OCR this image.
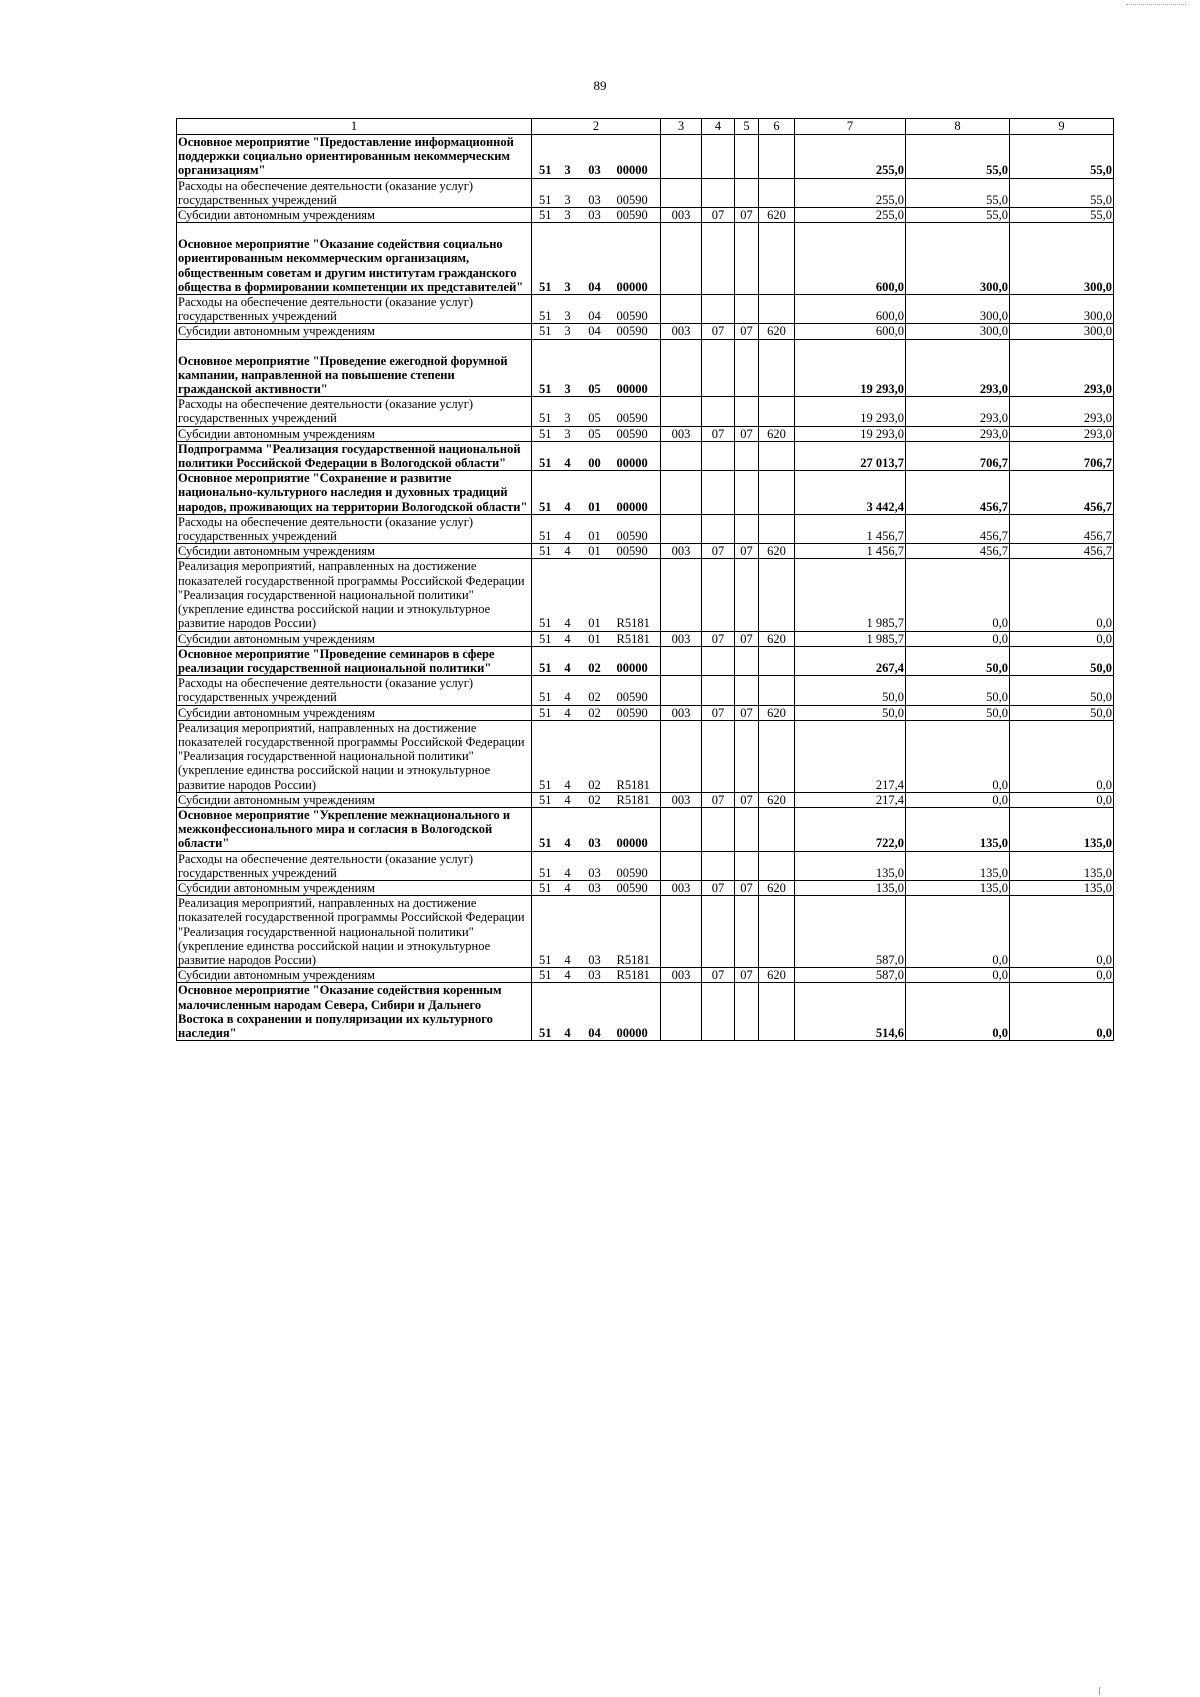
89
1	2				3	4	5	6	7	8	9
Основное мероприятие "Предоставление информационной поддержки социально ориентированным некоммерческим организациям"	51	3	03	00000					255,0	55,0	55,0
Расходы на обеспечение деятельности (оказание услуг) государственных учреждений	51	3	03	00590					255,0	55,0	55,0
Субсидии автономным учреждениям	51	3	03	00590	003	07	07	620	255,0	55,0	55,0
Основное мероприятие "Оказание содействия социально ориентированным некоммерческим организациям, общественным советам и другим институтам гражданского общества в формировании компетенции их представителей"	51	3	04	00000					600,0	300,0	300,0
Расходы на обеспечение деятельности (оказание услуг) государственных учреждений	51	3	04	00590					600,0	300,0	300,0
Субсидии автономным учреждениям	51	3	04	00590	003	07	07	620	600,0	300,0	300,0
Основное мероприятие "Проведение ежегодной форумной кампании, направленной на повышение степени гражданской активности"	51	3	05	00000					19 293,0	293,0	293,0
Расходы на обеспечение деятельности (оказание услуг) государственных учреждений	51	3	05	00590					19 293,0	293,0	293,0
Субсидии автономным учреждениям	51	3	05	00590	003	07	07	620	19 293,0	293,0	293,0
Подпрограмма "Реализация государственной национальной политики Российской Федерации в Вологодской области"	51	4	00	00000					27 013,7	706,7	706,7
Основное мероприятие "Сохранение и развитие национально-культурного наследия и духовных традиций народов, проживающих на территории Вологодской области"	51	4	01	00000					3 442,4	456,7	456,7
Расходы на обеспечение деятельности (оказание услуг) государственных учреждений	51	4	01	00590					1 456,7	456,7	456,7
Субсидии автономным учреждениям	51	4	01	00590	003	07	07	620	1 456,7	456,7	456,7
Реализация мероприятий, направленных на достижение показателей государственной программы Российской Федерации "Реализация государственной национальной политики" (укрепление единства российской нации и этнокультурное развитие народов России)	51	4	01	R5181					1 985,7	0,0	0,0
Субсидии автономным учреждениям	51	4	01	R5181	003	07	07	620	1 985,7	0,0	0,0
Основное мероприятие "Проведение семинаров в сфере реализации государственной национальной политики"	51	4	02	00000					267,4	50,0	50,0
Расходы на обеспечение деятельности (оказание услуг) государственных учреждений	51	4	02	00590					50,0	50,0	50,0
Субсидии автономным учреждениям	51	4	02	00590	003	07	07	620	50,0	50,0	50,0
Реализация мероприятий, направленных на достижение показателей государственной программы Российской Федерации "Реализация государственной национальной политики" (укрепление единства российской нации и этнокультурное развитие народов России)	51	4	02	R5181					217,4	0,0	0,0
Субсидии автономным учреждениям	51	4	02	R5181	003	07	07	620	217,4	0,0	0,0
Основное мероприятие "Укрепление межнационального и межконфессионального мира и согласия в Вологодской области"	51	4	03	00000					722,0	135,0	135,0
Расходы на обеспечение деятельности (оказание услуг) государственных учреждений	51	4	03	00590					135,0	135,0	135,0
Субсидии автономным учреждениям	51	4	03	00590	003	07	07	620	135,0	135,0	135,0
Реализация мероприятий, направленных на достижение показателей государственной программы Российской Федерации "Реализация государственной национальной политики" (укрепление единства российской нации и этнокультурное развитие народов России)	51	4	03	R5181					587,0	0,0	0,0
Субсидии автономным учреждениям	51	4	03	R5181	003	07	07	620	587,0	0,0	0,0
Основное мероприятие "Оказание содействия коренным малочисленным народам Севера, Сибири и Дальнего Востока в сохранении и популяризации их культурного наследия"	51	4	04	00000					514,6	0,0	0,0
